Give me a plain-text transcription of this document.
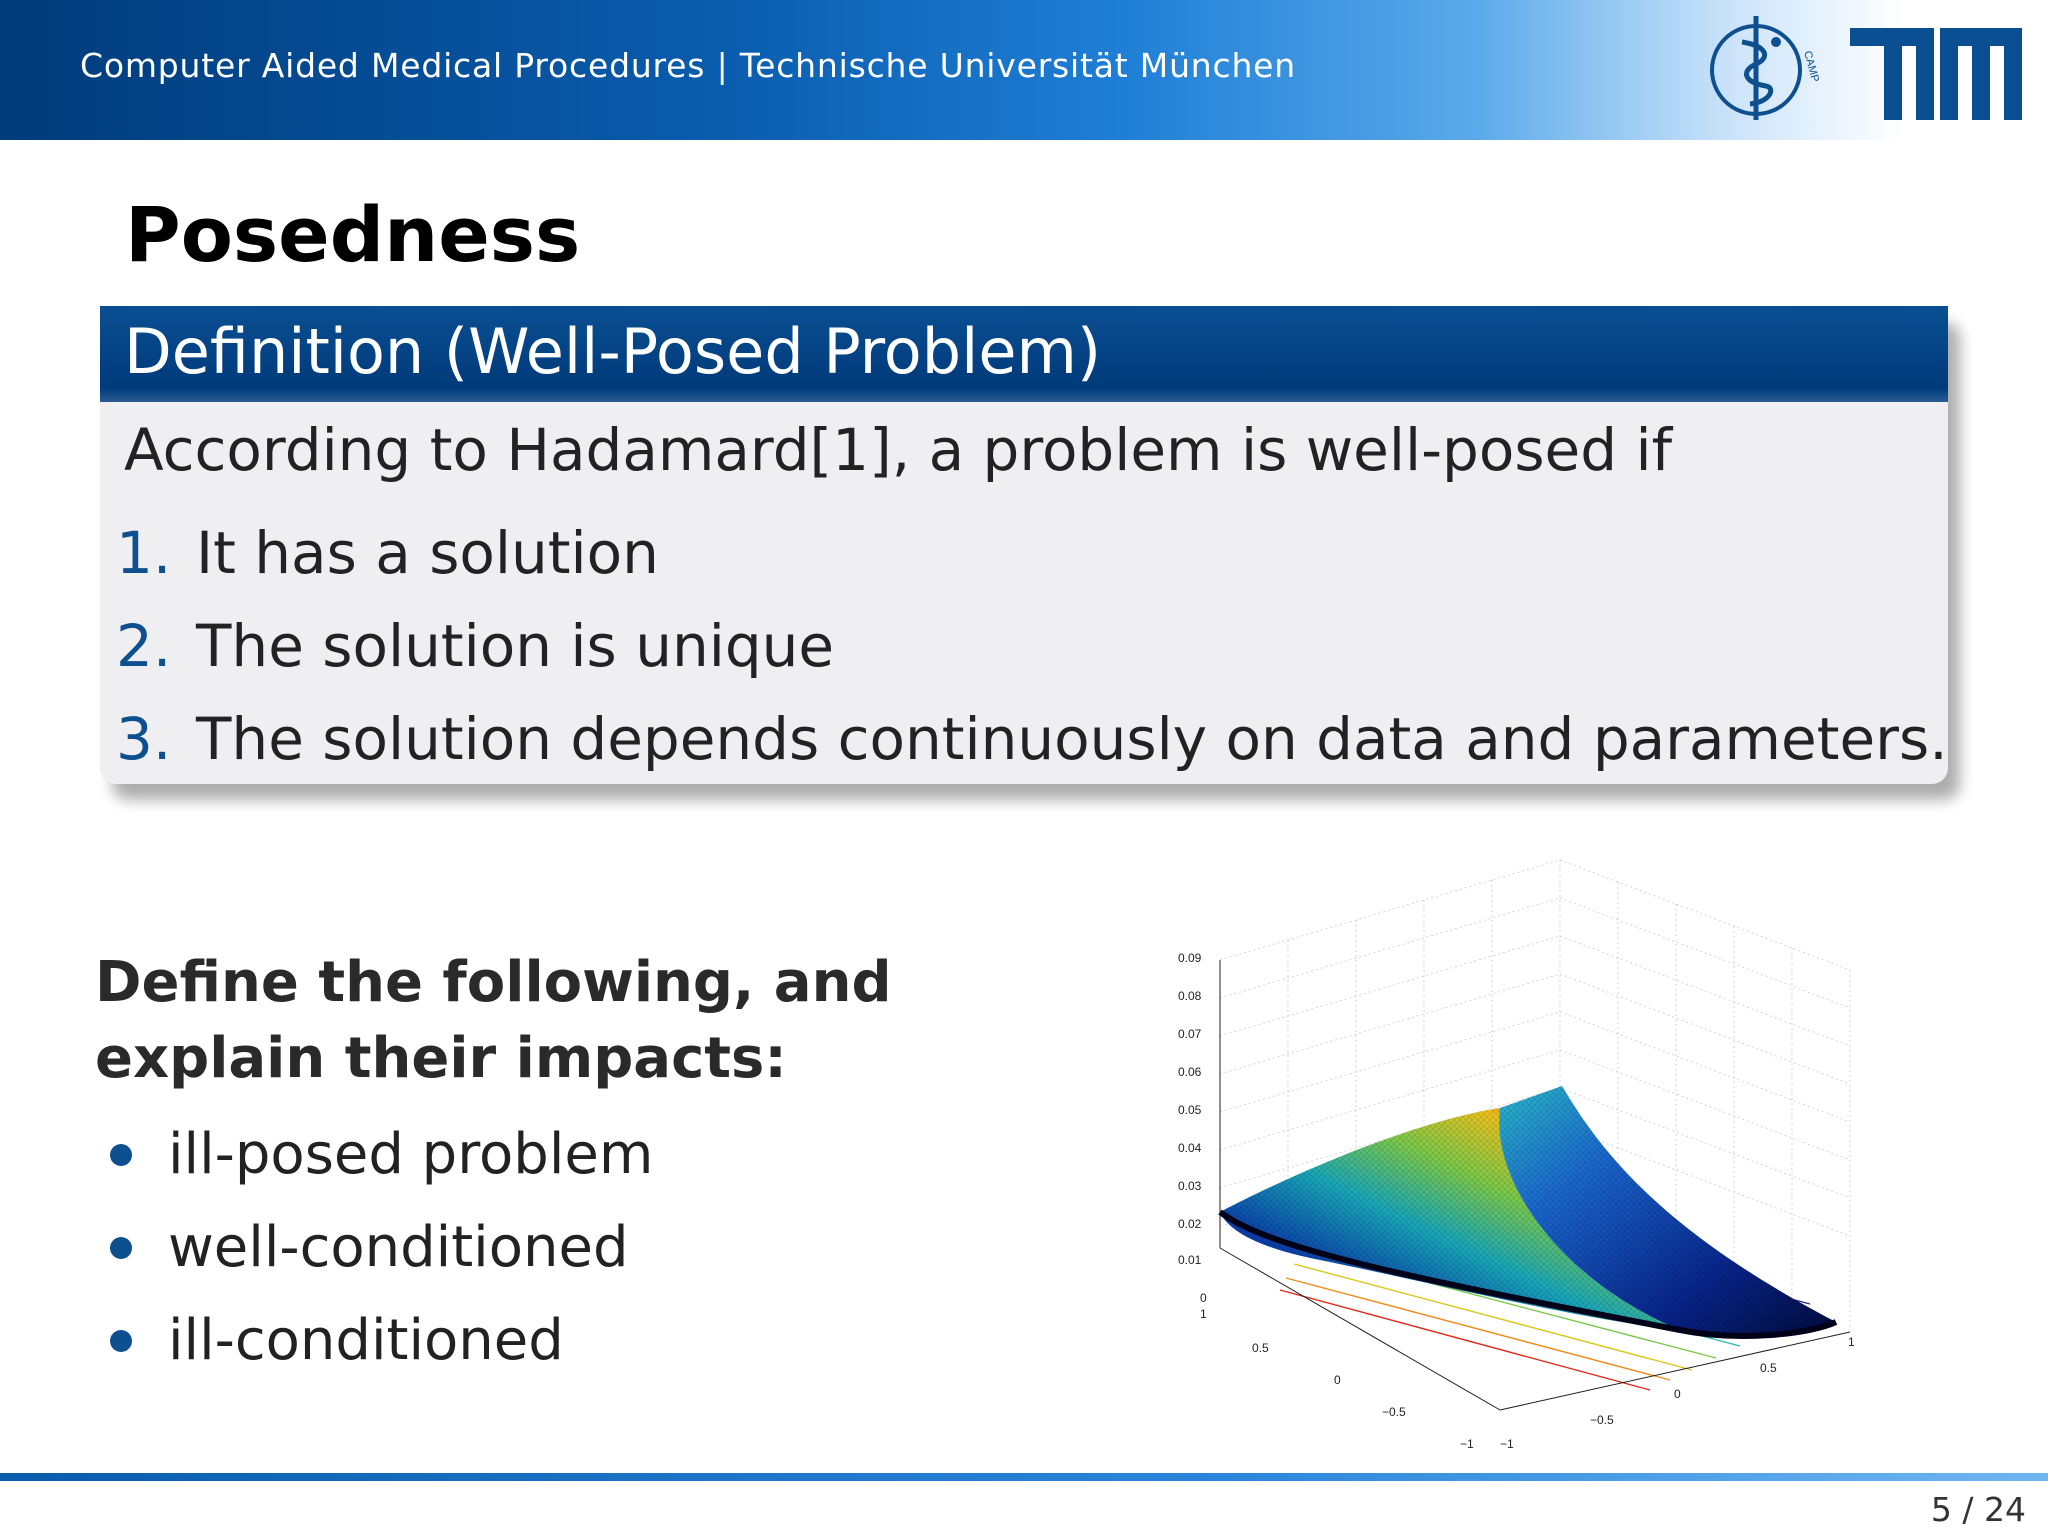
Computer Aided Medical Procedures | Technische Universität München	CAMP
Posedness
Definition (Well-Posed Problem)
According to Hadamard[1], a problem is well-posed if
1. It has a solution
2. The solution is unique
3. The solution depends continuously on data and parameters.
Define the following, and
explain their impacts:
ill-posed problem
well-conditioned
ill-conditioned
0.09
0.08
0.07
0.06
0.05
0.04
0.03
0.02
0.01
0
1
0.5
0
−0.5
−1 −1
−0.5
0
0.5
1
5 / 24
